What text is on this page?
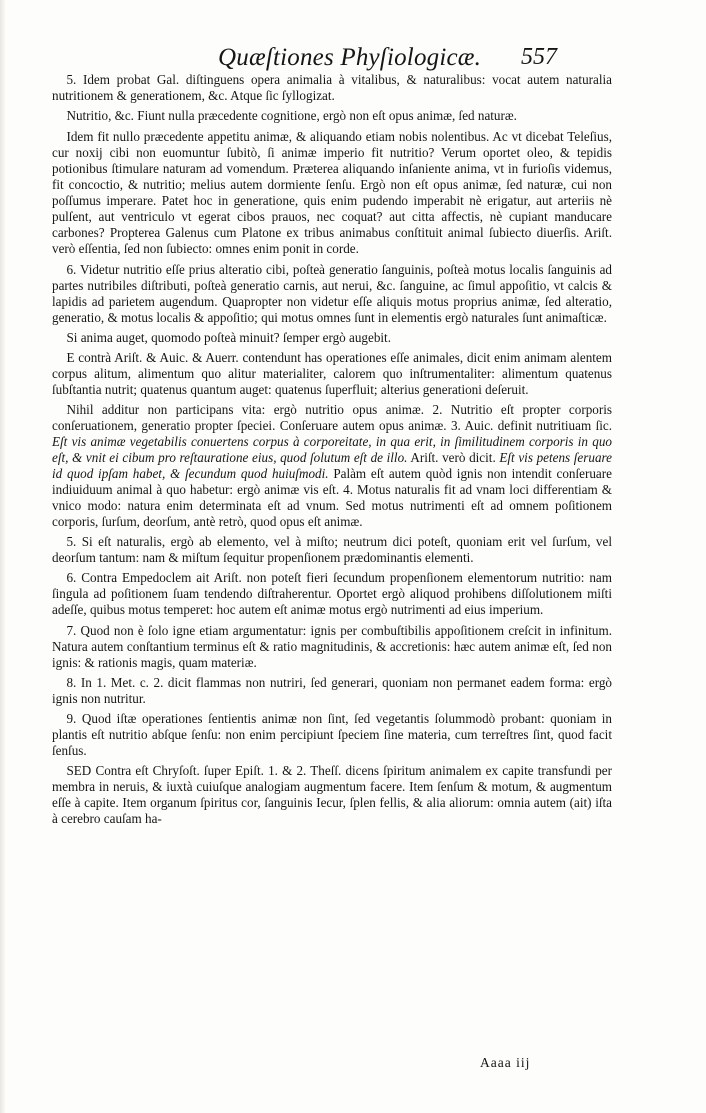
Quæſtiones Phyſiologicæ. 557

5. Idem probat Gal. diſtinguens opera animalia à vitalibus, & naturalibus: vocat autem naturalia nutritionem & generationem, &c. Atque ſic ſyllogizat.

Nutritio, &c. Fiunt nulla præcedente cognitione, ergò non eſt opus animæ, ſed naturæ.

Idem fit nullo præcedente appetitu animæ, & aliquando etiam nobis nolentibus. Ac vt dicebat Teleſius, cur noxij cibi non euomuntur ſubitò, ſi animæ imperio fit nutritio? Verum oportet oleo, & tepidis potionibus ſtimulare naturam ad vomendum. Præterea aliquando inſaniente anima, vt in furioſis videmus, fit concoctio, & nutritio; melius autem dormiente ſenſu. Ergò non eſt opus animæ, ſed naturæ, cui non poſſumus imperare. Patet hoc in generatione, quis enim pudendo imperabit nè erigatur, aut arteriis nè pulſent, aut ventriculo vt egerat cibos prauos, nec coquat? aut citta affectis, nè cupiant manducare carbones? Propterea Galenus cum Platone ex tribus animabus conſtituit animal ſubiecto diuerſis. Ariſt. verò eſſentia, ſed non ſubiecto: omnes enim ponit in corde.

6. Videtur nutritio eſſe prius alteratio cibi, poſteà generatio ſanguinis, poſteà motus localis ſanguinis ad partes nutribiles diſtributi, poſteà generatio carnis, aut nerui, &c. ſanguine, ac ſimul appoſitio, vt calcis & lapidis ad parietem augendum. Quapropter non videtur eſſe aliquis motus proprius animæ, ſed alteratio, generatio, & motus localis & appoſitio; qui motus omnes ſunt in elementis ergò naturales ſunt animaſticæ.

Si anima auget, quomodo poſteà minuit? ſemper ergò augebit.

E contrà Ariſt. & Auic. & Auerr. contendunt has operationes eſſe animales, dicit enim animam alentem corpus alitum, alimentum quo alitur materialiter, calorem quo inſtrumentaliter: alimentum quatenus ſubſtantia nutrit; quatenus quantum auget: quatenus ſuperfluit; alterius generationi deſeruit.

Nihil additur non participans vita: ergò nutritio opus animæ. 2. Nutritio eſt propter corporis conſeruationem, generatio propter ſpeciei. Conſeruare autem opus animæ. 3. Auic. definit nutritiuam ſic. Eſt vis animæ vegetabilis conuertens corpus à corporeitate, in qua erit, in ſimilitudinem corporis in quo eſt, & vnit ei cibum pro reſtauratione eius, quod ſolutum eſt de illo. Ariſt. verò dicit. Eſt vis petens ſeruare id quod ipſam habet, & ſecundum quod huiuſmodi. Palàm eſt autem quòd ignis non intendit conſeruare indiuiduum animal à quo habetur: ergò animæ vis eſt. 4. Motus naturalis fit ad vnam loci differentiam & vnico modo: natura enim determinata eſt ad vnum. Sed motus nutrimenti eſt ad omnem poſitionem corporis, ſurſum, deorſum, antè retrò, quod opus eſt animæ.

5. Si eſt naturalis, ergò ab elemento, vel à miſto; neutrum dici poteſt, quoniam erit vel ſurſum, vel deorſum tantum: nam & miſtum ſequitur propenſionem prædominantis elementi.

6. Contra Empedoclem ait Ariſt. non poteſt fieri ſecundum propenſionem elementorum nutritio: nam ſingula ad poſitionem ſuam tendendo diſtraherentur. Oportet ergò aliquod prohibens diſſolutionem miſti adeſſe, quibus motus temperet: hoc autem eſt animæ motus ergò nutrimenti ad eius imperium.

7. Quod non è ſolo igne etiam argumentatur: ignis per combuſtibilis appoſitionem creſcit in infinitum. Natura autem conſtantium terminus eſt & ratio magnitudinis, & accretionis: hæc autem animæ eſt, ſed non ignis: & rationis magis, quam materiæ.

8. In 1. Met. c. 2. dicit flammas non nutriri, ſed generari, quoniam non permanet eadem forma: ergò ignis non nutritur.

9. Quod iſtæ operationes ſentientis animæ non ſint, ſed vegetantis ſolummodò probant: quoniam in plantis eſt nutritio abſque ſenſu: non enim percipiunt ſpeciem ſine materia, cum terreſtres ſint, quod facit ſenſus.

SED Contra eſt Chryſoſt. ſuper Epiſt. 1. & 2. Theſſ. dicens ſpiritum animalem ex capite transfundi per membra in neruis, & iuxtà cuiuſque analogiam augmentum facere. Item ſenſum & motum, & augmentum eſſe à capite. Item organum ſpiritus cor, ſanguinis Iecur, ſplen fellis, & alia aliorum: omnia autem (ait) iſta à cerebro cauſam ha-

Aaaa iij
